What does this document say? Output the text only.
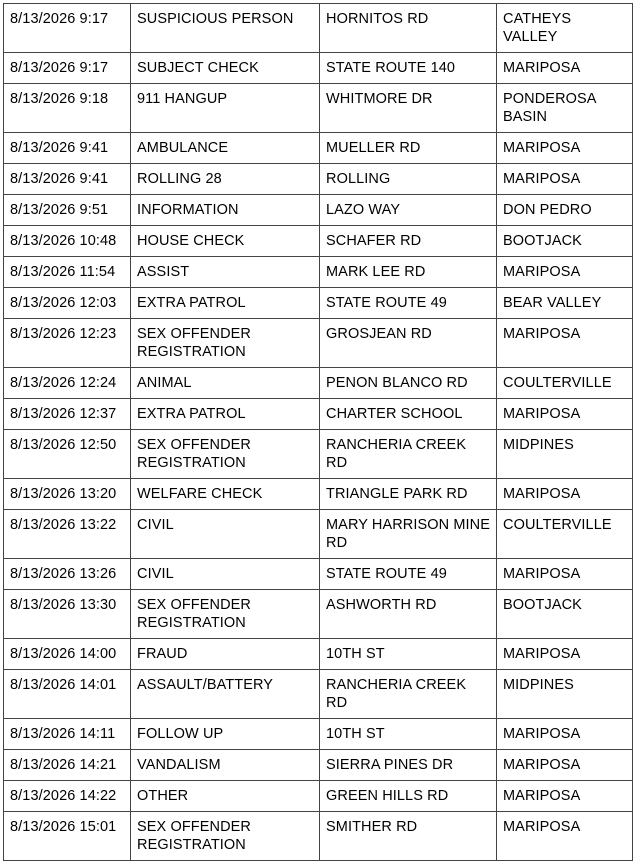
8/13/2026 9:17	SUSPICIOUS PERSON	HORNITOS RD	CATHEYS VALLEY
8/13/2026 9:17	SUBJECT CHECK	STATE ROUTE 140	MARIPOSA
8/13/2026 9:18	911 HANGUP	WHITMORE DR	PONDEROSA BASIN
8/13/2026 9:41	AMBULANCE	MUELLER RD	MARIPOSA
8/13/2026 9:41	ROLLING 28	ROLLING	MARIPOSA
8/13/2026 9:51	INFORMATION	LAZO WAY	DON PEDRO
8/13/2026 10:48	HOUSE CHECK	SCHAFER RD	BOOTJACK
8/13/2026 11:54	ASSIST	MARK LEE RD	MARIPOSA
8/13/2026 12:03	EXTRA PATROL	STATE ROUTE 49	BEAR VALLEY
8/13/2026 12:23	SEX OFFENDER REGISTRATION	GROSJEAN RD	MARIPOSA
8/13/2026 12:24	ANIMAL	PENON BLANCO RD	COULTERVILLE
8/13/2026 12:37	EXTRA PATROL	CHARTER SCHOOL	MARIPOSA
8/13/2026 12:50	SEX OFFENDER REGISTRATION	RANCHERIA CREEK RD	MIDPINES
8/13/2026 13:20	WELFARE CHECK	TRIANGLE PARK RD	MARIPOSA
8/13/2026 13:22	CIVIL	MARY HARRISON MINE RD	COULTERVILLE
8/13/2026 13:26	CIVIL	STATE ROUTE 49	MARIPOSA
8/13/2026 13:30	SEX OFFENDER REGISTRATION	ASHWORTH RD	BOOTJACK
8/13/2026 14:00	FRAUD	10TH ST	MARIPOSA
8/13/2026 14:01	ASSAULT/BATTERY	RANCHERIA CREEK RD	MIDPINES
8/13/2026 14:11	FOLLOW UP	10TH ST	MARIPOSA
8/13/2026 14:21	VANDALISM	SIERRA PINES DR	MARIPOSA
8/13/2026 14:22	OTHER	GREEN HILLS RD	MARIPOSA
8/13/2026 15:01	SEX OFFENDER REGISTRATION	SMITHER RD	MARIPOSA
